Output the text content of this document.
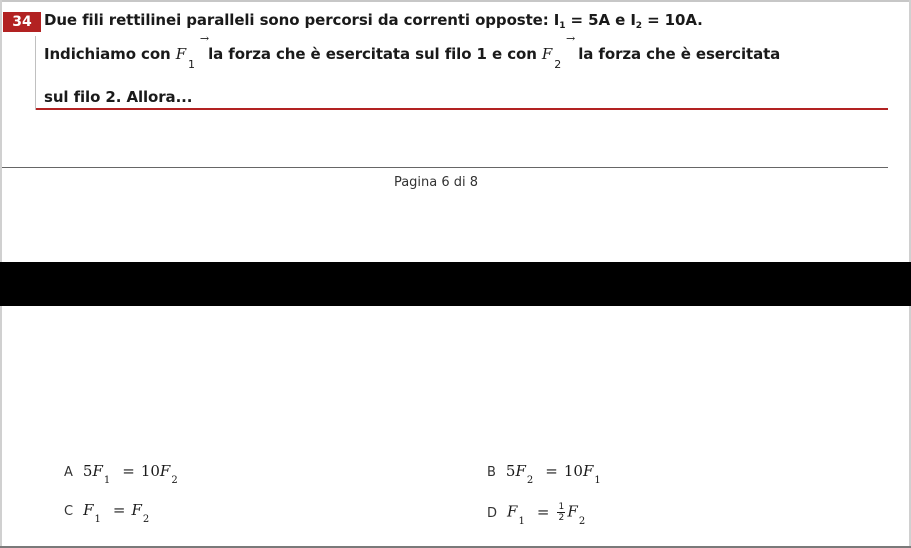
34 Due fili rettilinei paralleli sono percorsi da correnti opposte: $I_1 = 5A$ e $I_2 = 10A$.
Indichiamo con F
→
$_1$ la forza che è esercitata sul filo 1 e con F
→
$_2$ la forza che è esercitata
sul filo 2. Allora...
Pagina 6 di 8
A $5F_1= 10F_2$
B $5F_2= 10F_1$
C $F_1= F_2$	D $F_1= \frac{1}{2} F_2$
